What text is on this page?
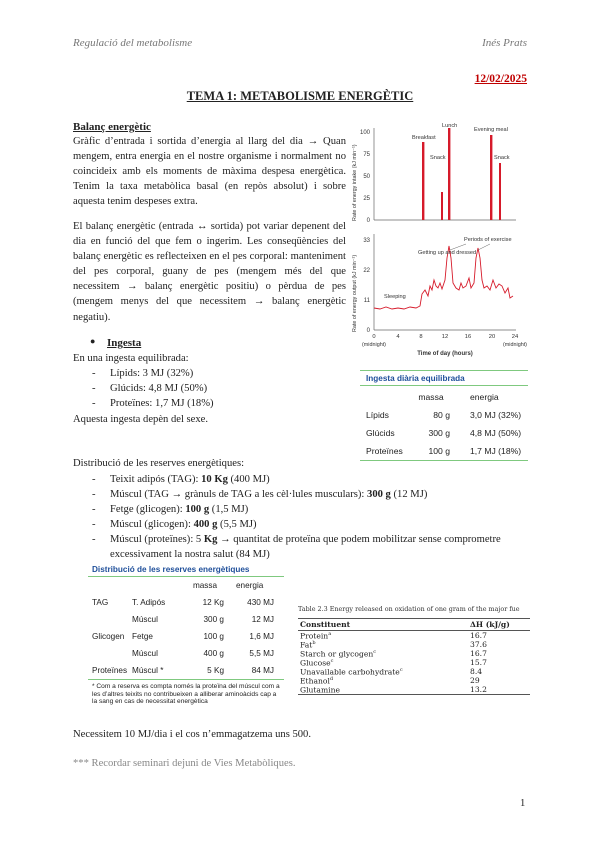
Regulació del metabolisme	Inés Prats
12/02/2025
TEMA 1: METABOLISME ENERGÈTIC
Balanç energètic
Gràfic d’entrada i sortida d’energia al llarg del dia → Quan mengem, entra energia en el nostre organisme i normalment no coincideix amb els moments de màxima despesa energètica. Tenim la taxa metabòlica basal (en repòs absolut) i sobre aquesta tenim despeses extra.
El balanç energètic (entrada ↔ sortida) pot variar depenent del dia en funció del que fem o ingerim. Les conseqüències del balanç energètic es reflecteixen en el pes corporal: manteniment del pes corporal, guany de pes (mengem més del que necessitem → balanç energètic positiu) o pèrdua de pes (mengem menys del que necessitem → balanç energètic negatiu).
Rate of energy intake (kJ min⁻¹)
100
75
50
25
0
Breakfast
Lunch
Evening meal
Snack	Snack
Rate of energy output (kJ min⁻¹)
33
22
11
0
Getting up and dressed
Periods of exercise
Sleeping
0	4	8	12	16	20	24
(midnight)	(midnight)
Time of day (hours)
● Ingesta
En una ingesta equilibrada:
- Lípids: 3 MJ (32%)
- Glúcids: 4,8 MJ (50%)
- Proteïnes: 1,7 MJ (18%)
Aquesta ingesta depèn del sexe.
Ingesta diària equilibrada
	massa	energia
Lípids	80 g	3,0 MJ (32%)
Glúcids	300 g	4,8 MJ (50%)
Proteïnes	100 g	1,7 MJ (18%)
Distribució de les reserves energètiques:
- Teixit adipós (TAG): 10 Kg (400 MJ)
- Múscul (TAG → grànuls de TAG a les cèl·lules musculars): 300 g (12 MJ)
- Fetge (glicogen): 100 g (1,5 MJ)
- Múscul (glicogen): 400 g (5,5 MJ)
- Múscul (proteïnes): 5 Kg → quantitat de proteïna que podem mobilitzar sense comprometre excessivament la nostra salut (84 MJ)
Distribució de les reserves energètiques
		massa	energia
TAG	T. Adipós	12 Kg	430 MJ
	Múscul	300 g	12 MJ
Glicogen	Fetge	100 g	1,6 MJ
	Múscul	400 g	5,5 MJ
Proteïnes	Múscul *	5 Kg	84 MJ
* Com a reserva es compta només la proteïna del múscul com a les d’altres teixits no contribueixen a alliberar aminoàcids cap a la sang en cas de necessitat energètica
Table 2.3 Energy released on oxidation of one gram of the major fue
Constituent	ΔH (kJ/g)
Protein$^a$	16.7
Fat$^b$	37.6
Starch or glycogen$^c$	16.7
Glucose$^c$	15.7
Unavailable carbohydrate$^c$	8.4
Ethanol$^d$	29
Glutamine	13.2
Necessitem 10 MJ/dia i el cos n’emmagatzema uns 500.
*** Recordar seminari dejuni de Vies Metabòliques.
1
